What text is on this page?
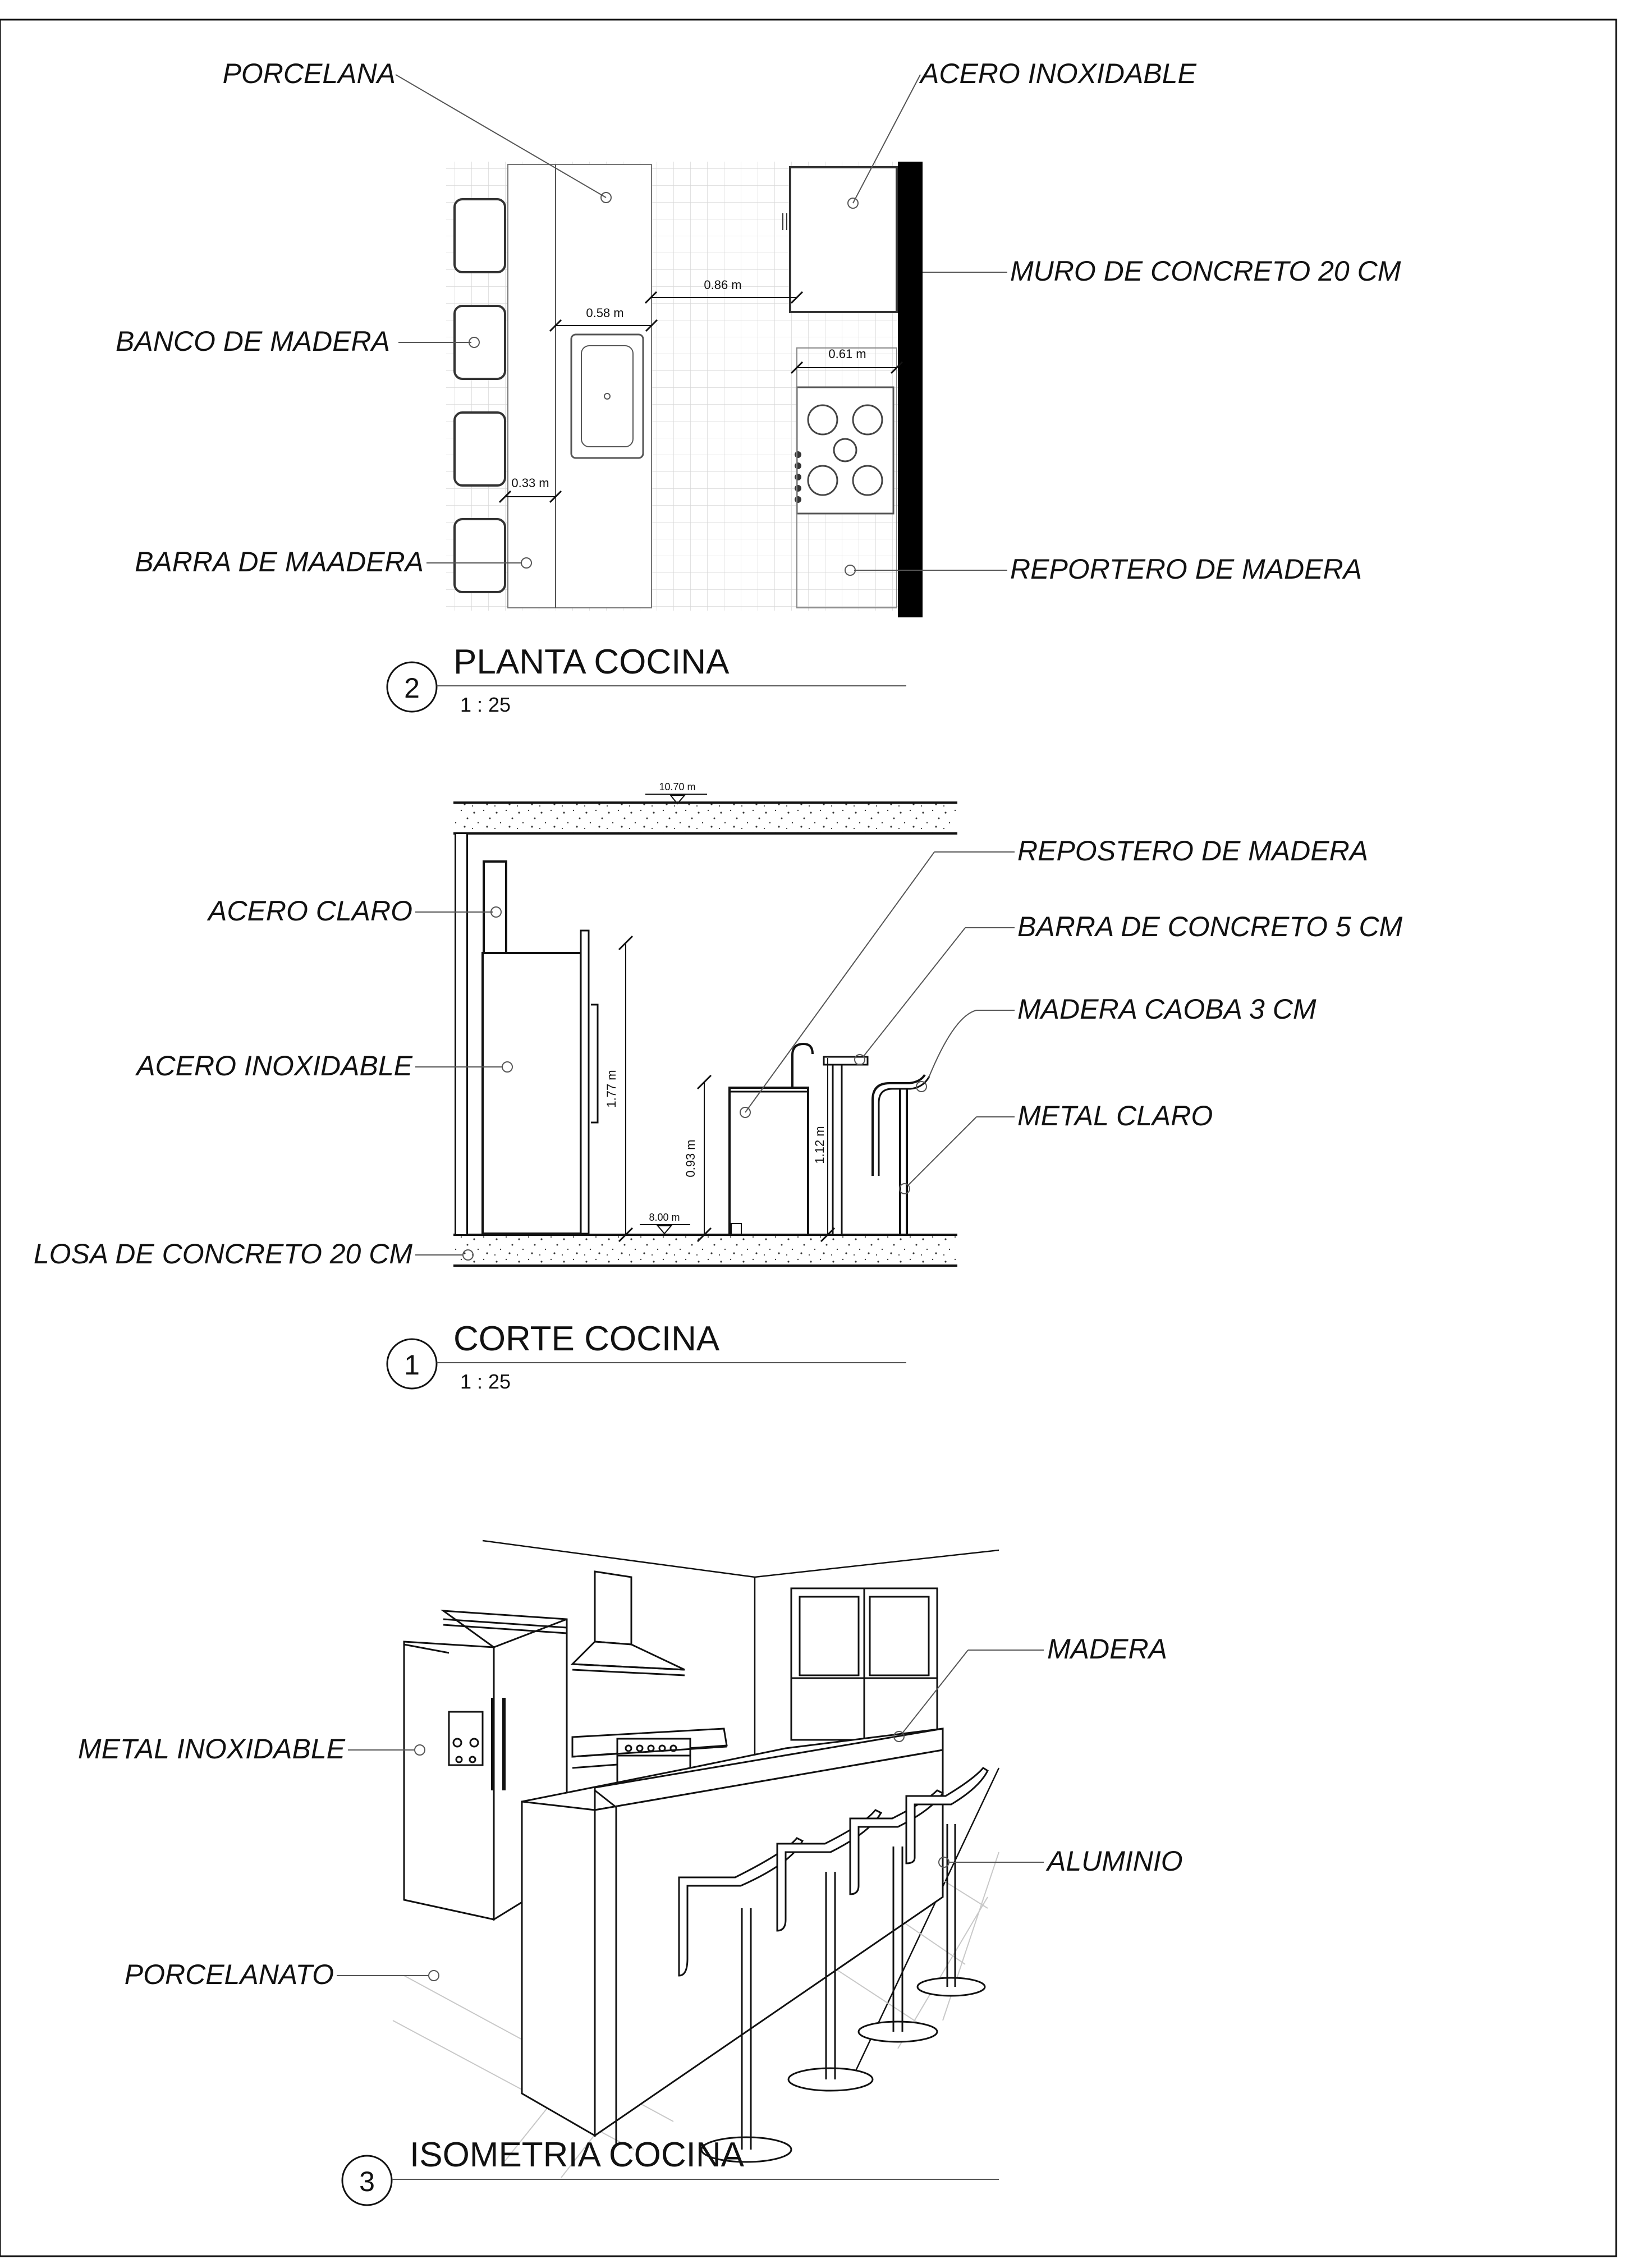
0.86 m
0.58 m
0.61 m
0.33 m
PORCELANA	ACERO INOXIDABLE
MURO DE CONCRETO 20 CM
BANCO DE MADERA
BARRA DE MAADERA	REPORTERO DE MADERA
2
PLANTA COCINA
1 : 25
1.77 m
0.93 m	1.12 m
10.70 m
8.00 m
ACERO CLARO
ACERO INOXIDABLE
LOSA DE CONCRETO 20 CM
REPOSTERO DE MADERA
BARRA DE CONCRETO 5 CM
MADERA CAOBA 3 CM
METAL CLARO
1
CORTE COCINA
1 : 25
METAL INOXIDABLE
PORCELANATO
MADERA
ALUMINIO
3
ISOMETRIA COCINA
